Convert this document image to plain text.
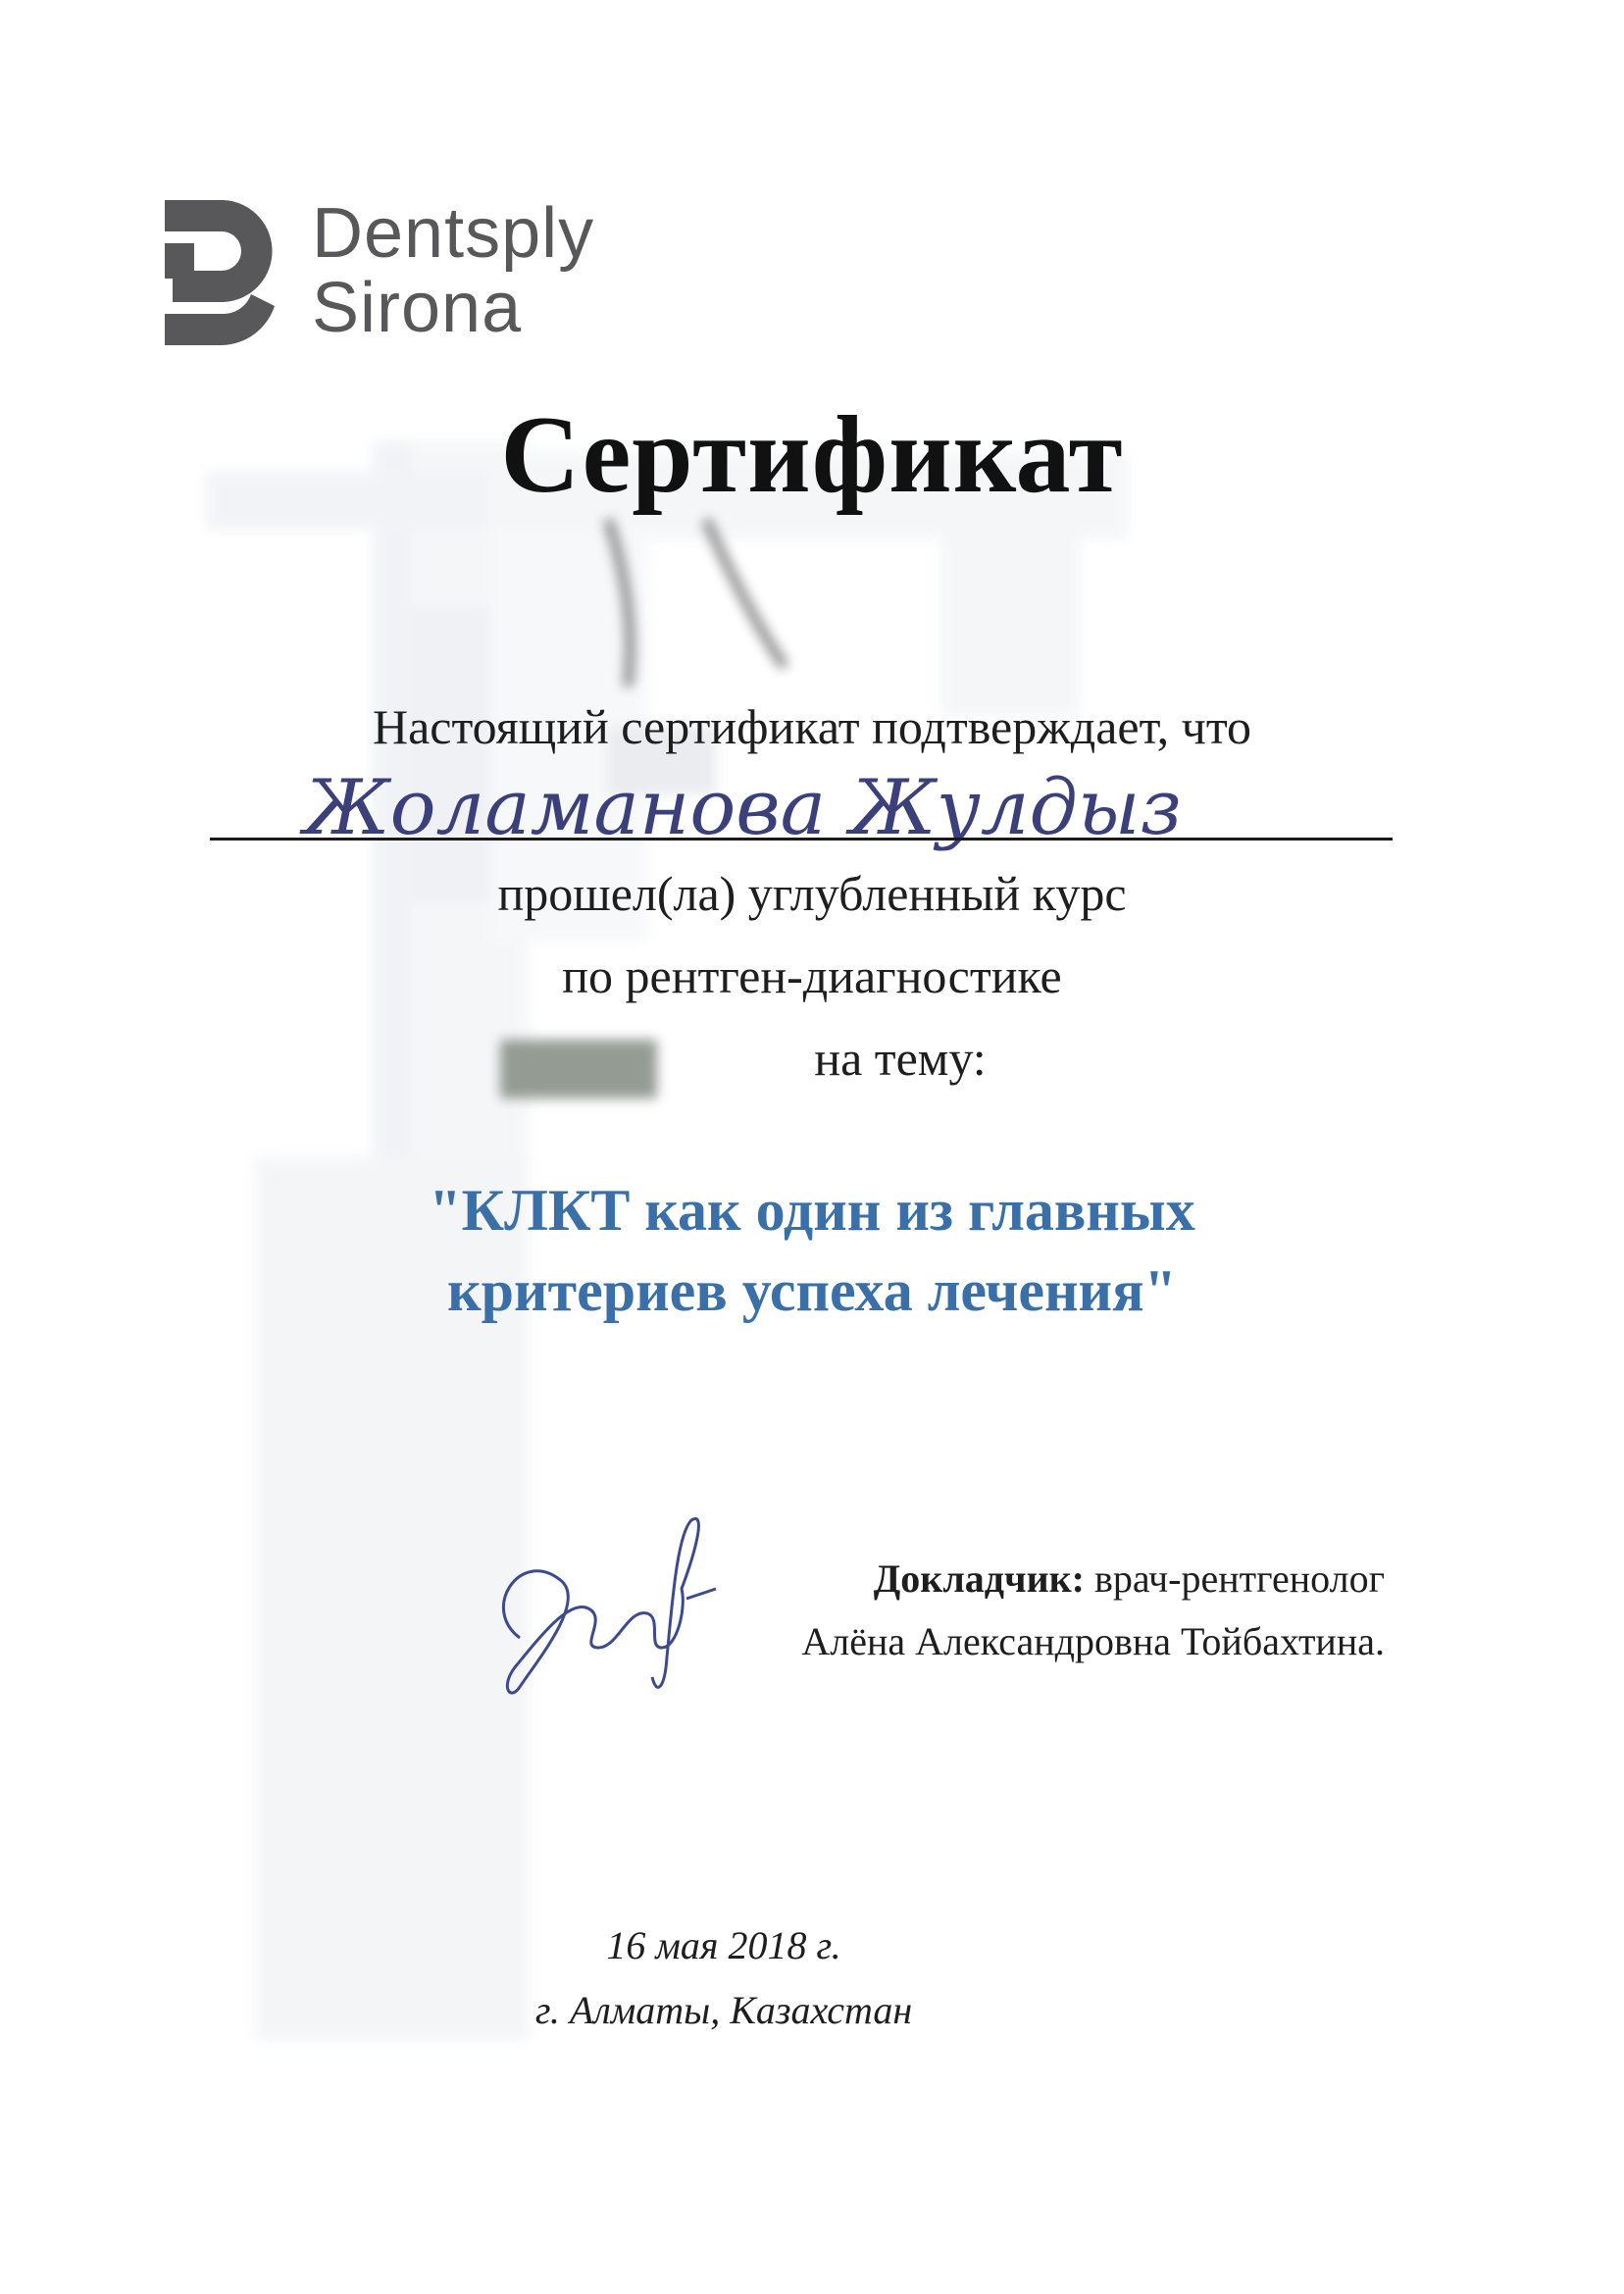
Dentsply
Sirona
Сертификат
Настоящий сертификат подтверждает, что
Жоламанова Жулдыз
прошел(ла) углубленный курс
по рентген-диагностике
на тему:
"КЛКТ как один из главных
критериев успеха лечения"
Докладчик: врач-рентгенолог
Алёна Александровна Тойбахтина.
16 мая 2018 г.
г. Алматы, Казахстан
